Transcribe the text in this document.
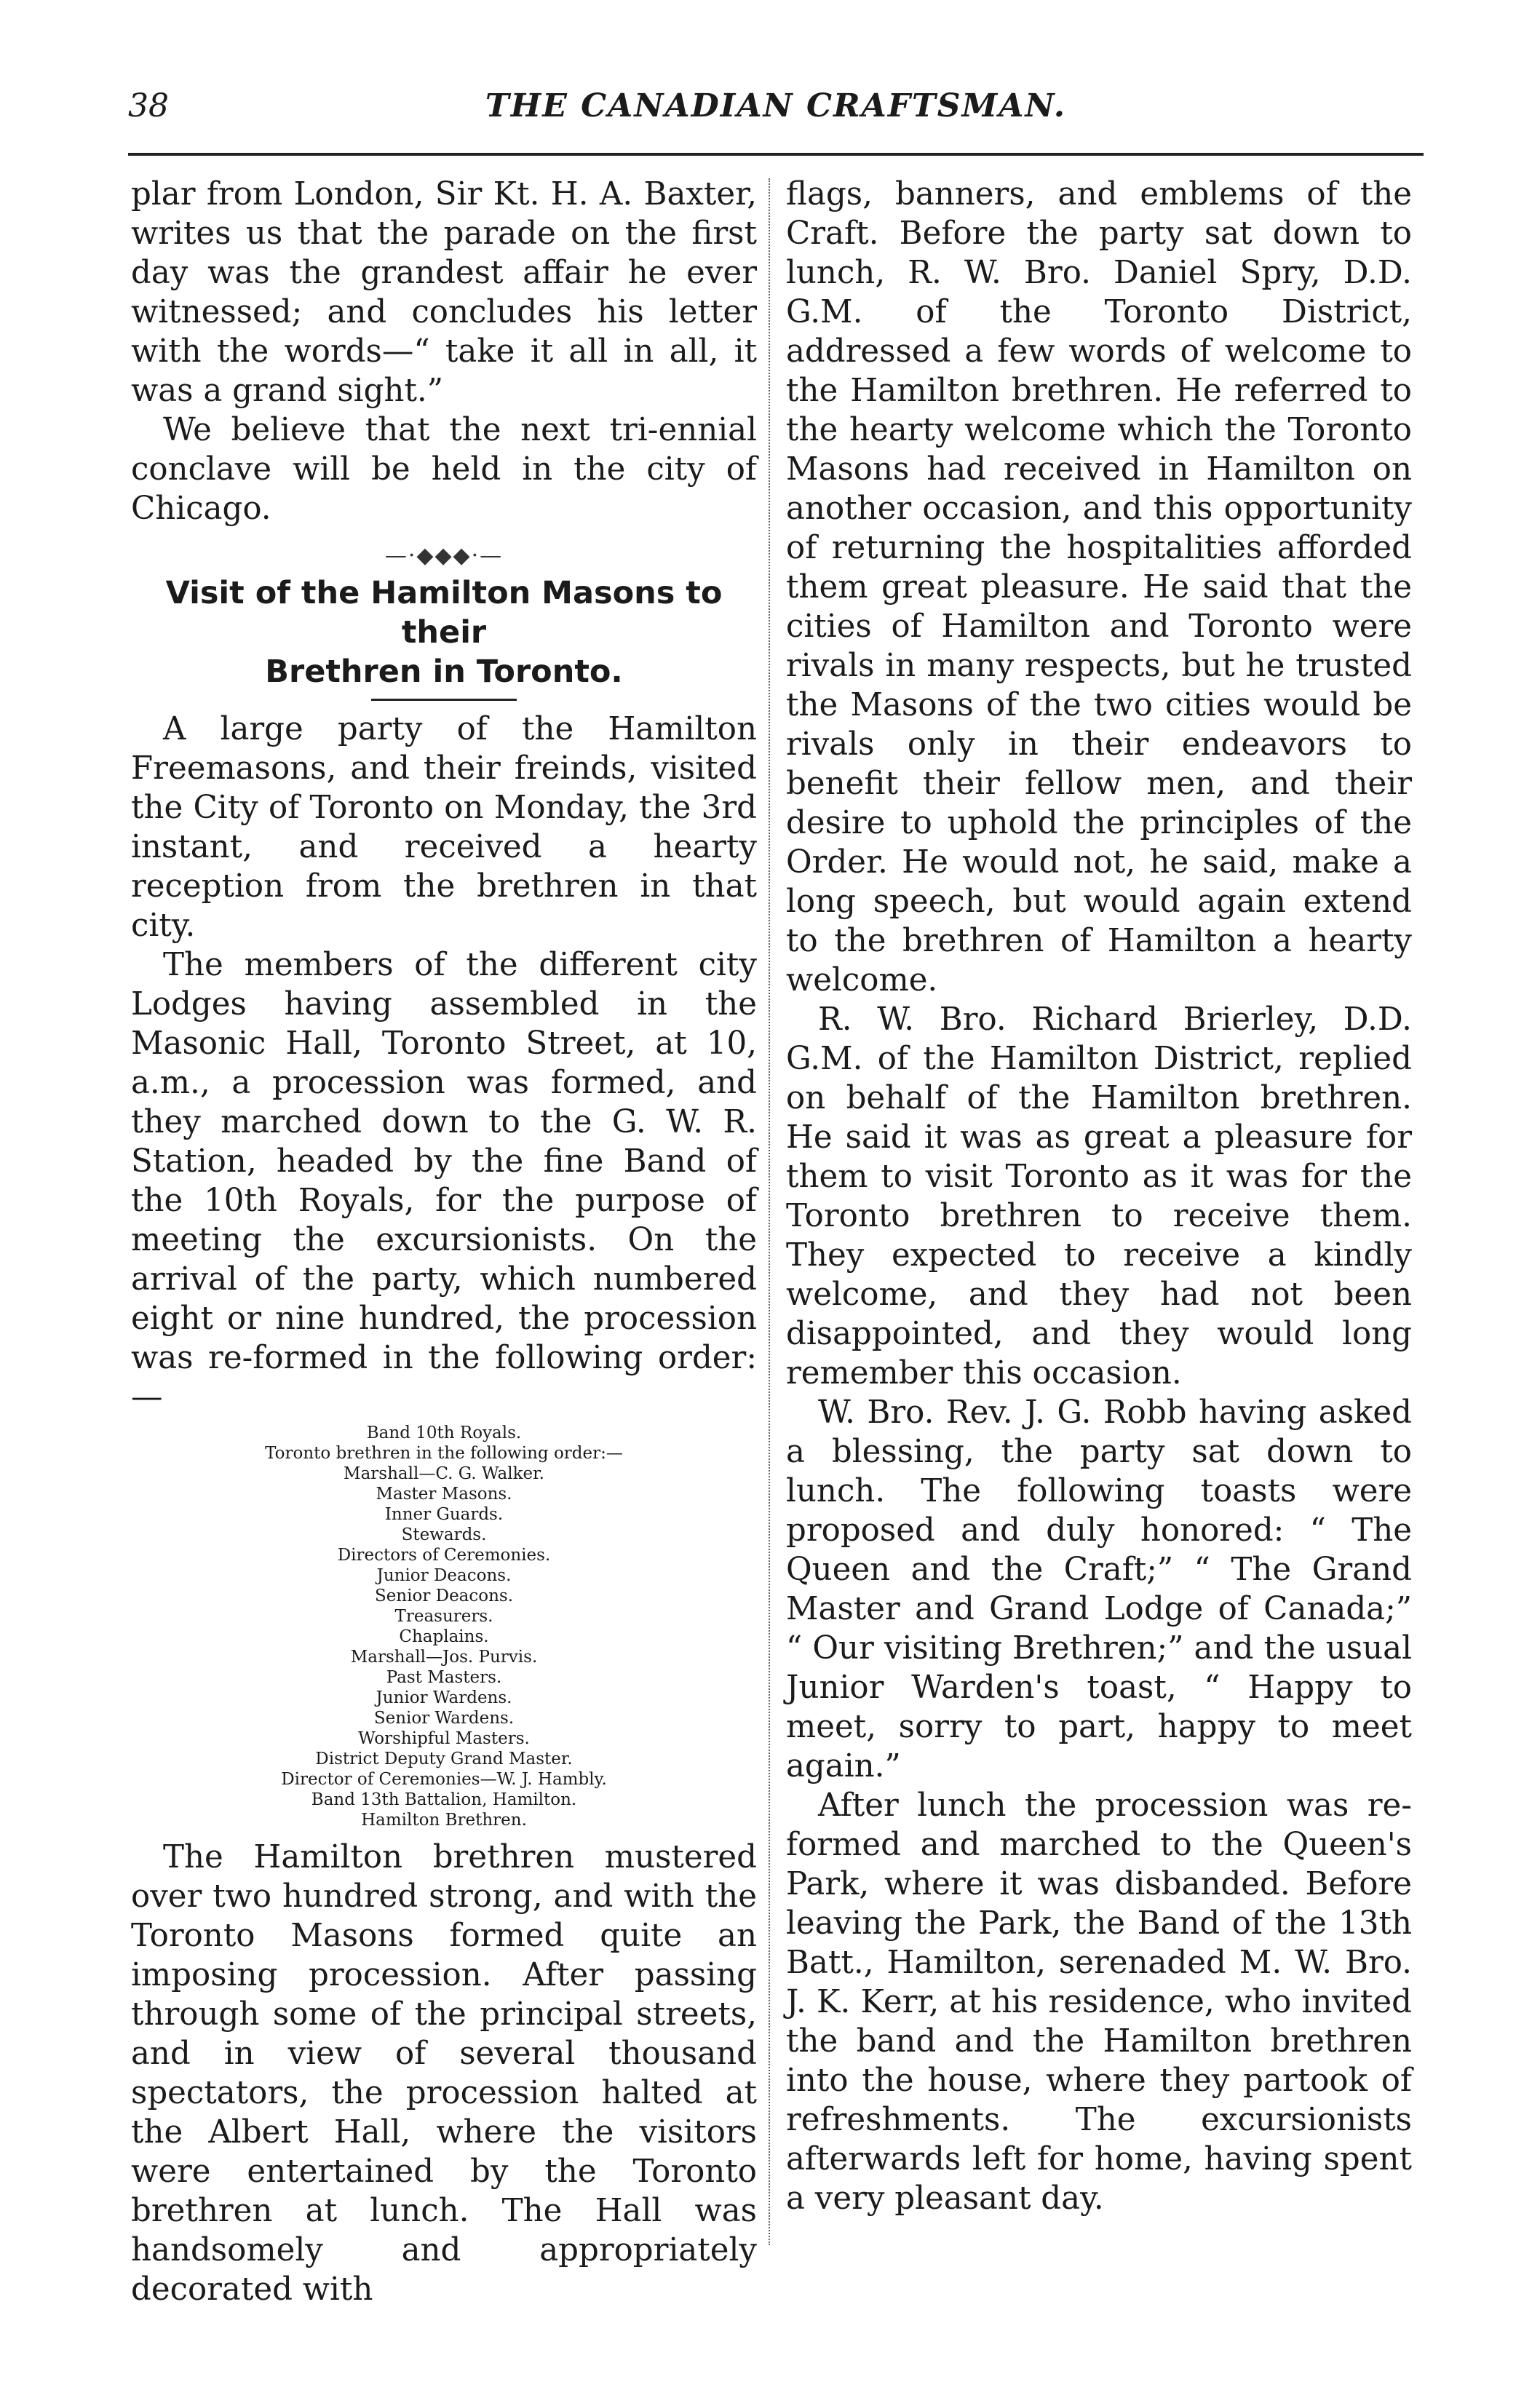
38	THE CANADIAN CRAFTSMAN.

plar from London, Sir Kt. H. A. Baxter, writes us that the parade on the first day was the grandest affair he ever witnessed; and concludes his letter with the words—“ take it all in all, it was a grand sight.”

We believe that the next tri-ennial conclave will be held in the city of Chicago.

—·◆◆◆·—

Visit of the Hamilton Masons to their

Brethren in Toronto.

A large party of the Hamilton Freemasons, and their freinds, visited the City of Toronto on Monday, the 3rd instant, and received a hearty reception from the brethren in that city.

The members of the different city Lodges having assembled in the Masonic Hall, Toronto Street, at 10, a.m., a procession was formed, and they marched down to the G. W. R. Station, headed by the fine Band of the 10th Royals, for the purpose of meeting the excursionists. On the arrival of the party, which numbered eight or nine hundred, the procession was re-formed in the following order:—

Band 10th Royals.
Toronto brethren in the following order:—
Marshall—C. G. Walker.
Master Masons.
Inner Guards.
Stewards.
Directors of Ceremonies.
Junior Deacons.
Senior Deacons.
Treasurers.
Chaplains.
Marshall—Jos. Purvis.
Past Masters.
Junior Wardens.
Senior Wardens.
Worshipful Masters.
District Deputy Grand Master.
Director of Ceremonies—W. J. Hambly.
Band 13th Battalion, Hamilton.
Hamilton Brethren.

The Hamilton brethren mustered over two hundred strong, and with the Toronto Masons formed quite an imposing procession. After passing through some of the principal streets, and in view of several thousand spectators, the procession halted at the Albert Hall, where the visitors were entertained by the Toronto brethren at lunch. The Hall was handsomely and appropriately decorated with

flags, banners, and emblems of the Craft. Before the party sat down to lunch, R. W. Bro. Daniel Spry, D.D. G.M. of the Toronto District, addressed a few words of welcome to the Hamilton brethren. He referred to the hearty welcome which the Toronto Masons had received in Hamilton on another occasion, and this opportunity of returning the hospitalities afforded them great pleasure. He said that the cities of Hamilton and Toronto were rivals in many respects, but he trusted the Masons of the two cities would be rivals only in their endeavors to benefit their fellow men, and their desire to uphold the principles of the Order. He would not, he said, make a long speech, but would again extend to the brethren of Hamilton a hearty welcome.

R. W. Bro. Richard Brierley, D.D. G.M. of the Hamilton District, replied on behalf of the Hamilton brethren. He said it was as great a pleasure for them to visit Toronto as it was for the Toronto brethren to receive them. They expected to receive a kindly welcome, and they had not been disappointed, and they would long remember this occasion.

W. Bro. Rev. J. G. Robb having asked a blessing, the party sat down to lunch. The following toasts were proposed and duly honored: “ The Queen and the Craft;” “ The Grand Master and Grand Lodge of Canada;” “ Our visiting Brethren;” and the usual Junior Warden's toast, “ Happy to meet, sorry to part, happy to meet again.”

After lunch the procession was re-formed and marched to the Queen's Park, where it was disbanded. Before leaving the Park, the Band of the 13th Batt., Hamilton, serenaded M. W. Bro. J. K. Kerr, at his residence, who invited the band and the Hamilton brethren into the house, where they partook of refreshments. The excursionists afterwards left for home, having spent a very pleasant day.
